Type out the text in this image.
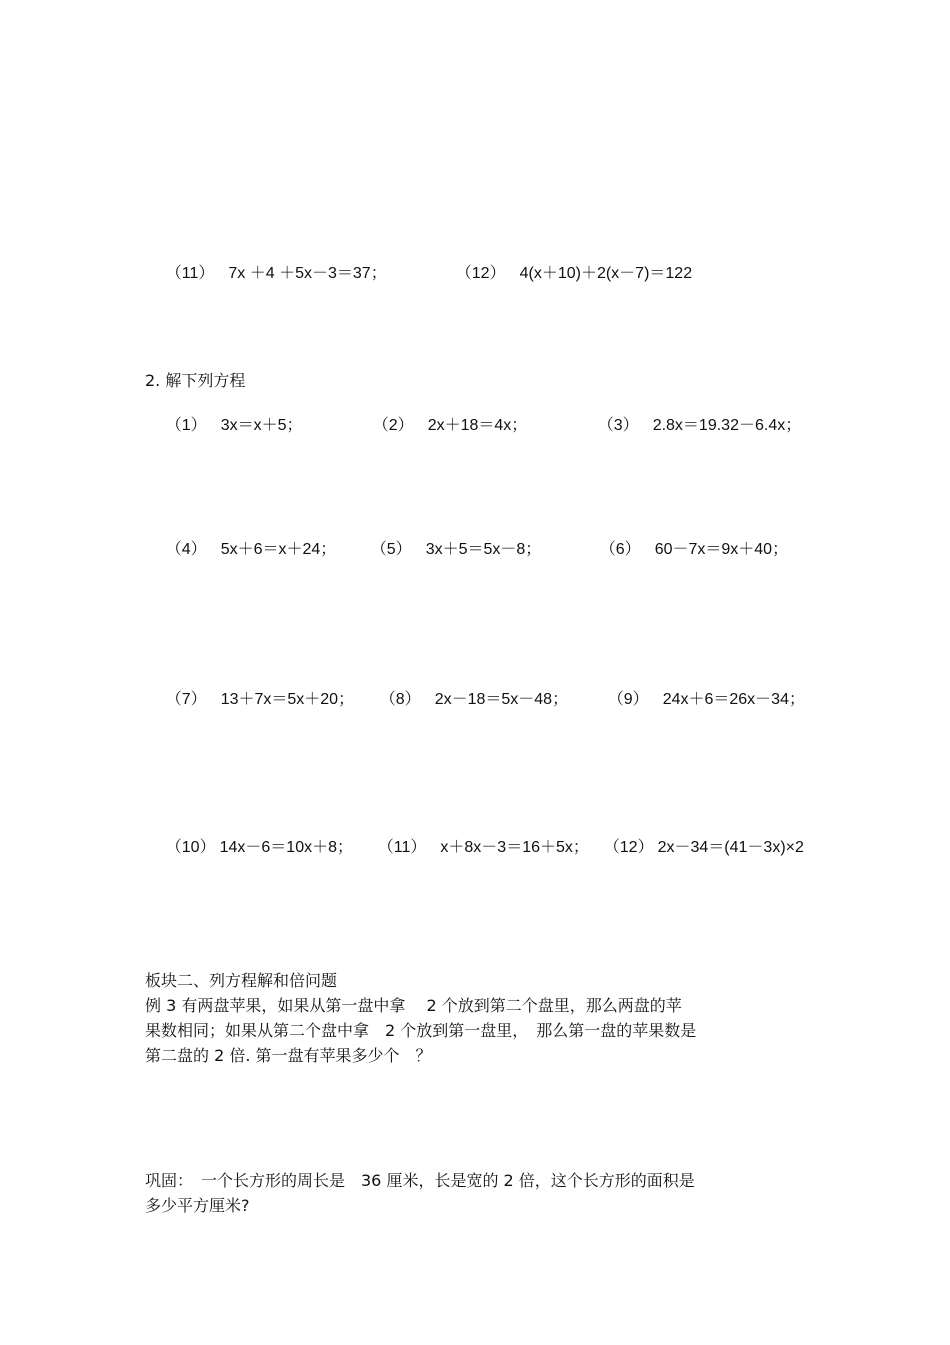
（11） 7x ＋4 ＋5x－3＝37；
	（12） 4(x＋10)＋2(x－7)＝122

2. 解下列方程

（1） 3x＝x＋5；
	（2） 2x＋18＝4x；
	（3） 2.8x＝19.32－6.4x；

（4） 5x＋6＝x＋24；
	（5） 3x＋5＝5x－8；
	（6） 60－7x＝9x＋40；

（7） 13＋7x＝5x＋20；
	（8） 2x－18＝5x－48；
	（9） 24x＋6＝26x－34；

（10） 14x－6＝10x＋8；
	（11） x＋8x－3＝16＋5x；
（12） 2x－34＝(41－3x)×2

板块二、列方程解和倍问题
例 3 有两盘苹果，如果从第一盘中拿　 2 个放到第二个盘里，那么两盘的苹
果数相同；如果从第二个盘中拿　2 个放到第一盘里，　那么第一盘的苹果数是
第二盘的 2 倍. 第一盘有苹果多少个　？
巩固：　一个长方形的周长是　36 厘米，长是宽的 2 倍，这个长方形的面积是
多少平方厘米?
